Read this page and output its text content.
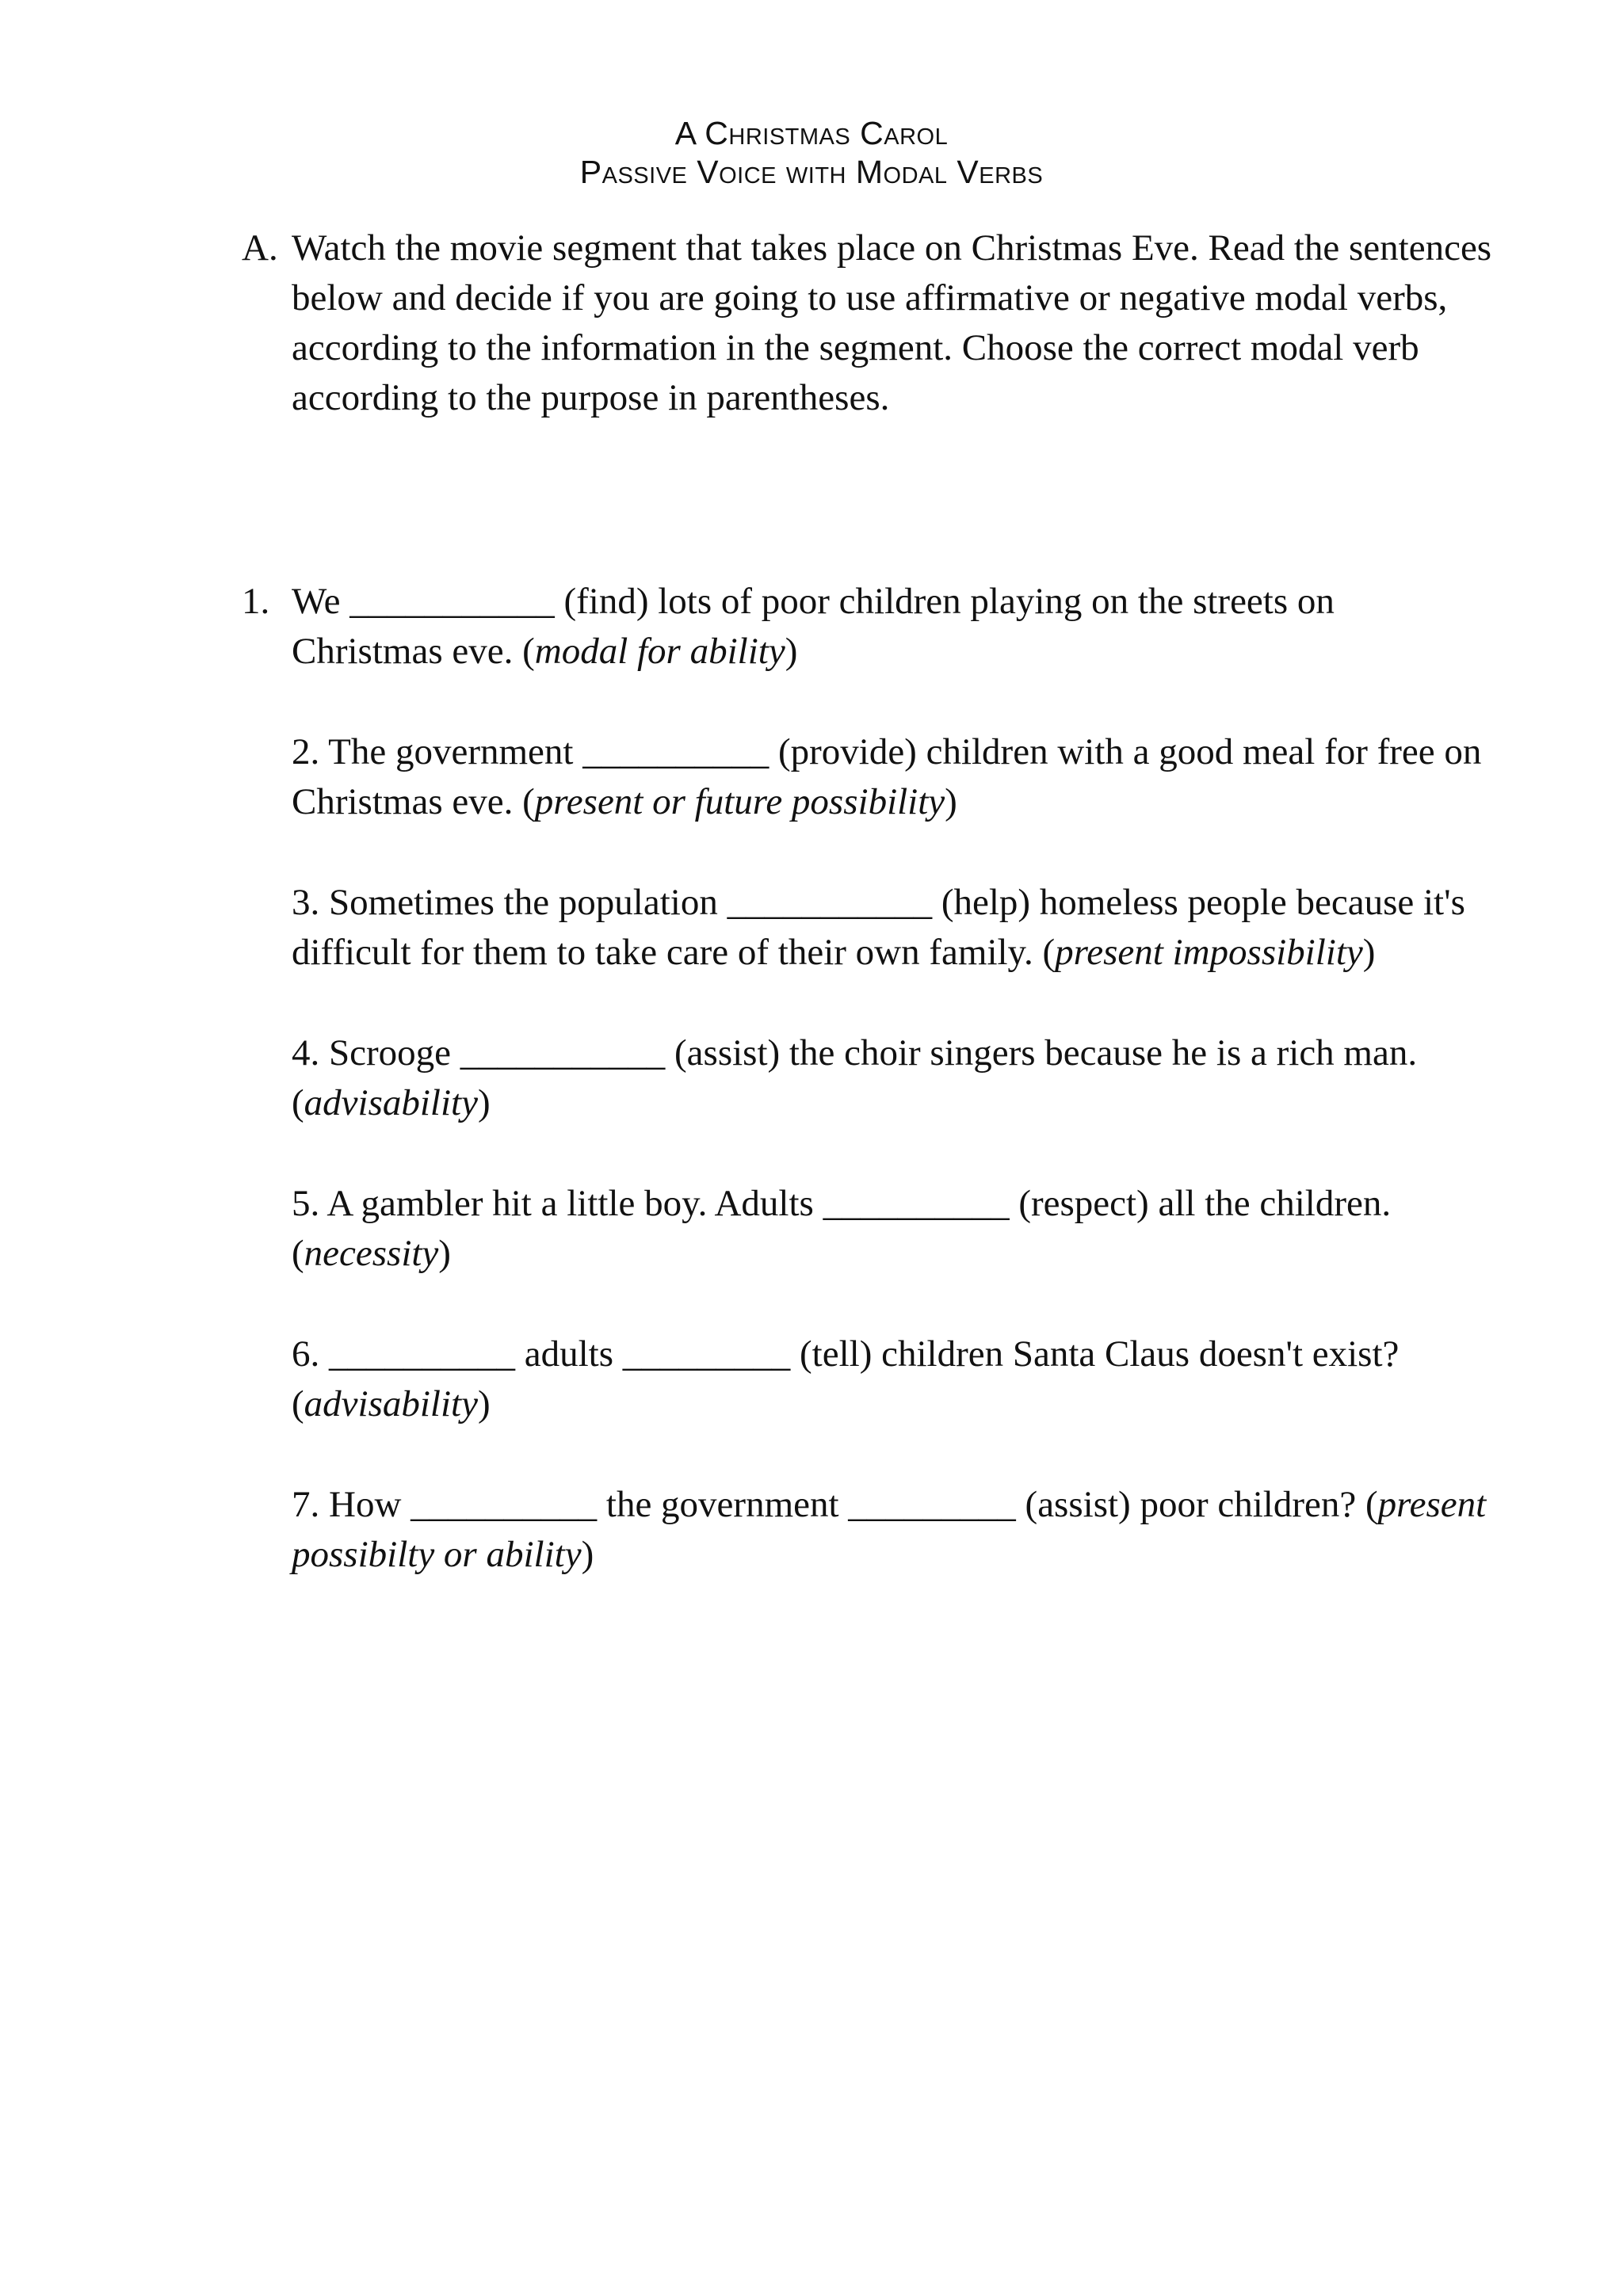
A Christmas Carol
Passive Voice with Modal Verbs
A. Watch the movie segment that takes place on Christmas Eve. Read the sentences below and decide if you are going to use affirmative or negative modal verbs, according to the information in the segment. Choose the correct modal verb according to the purpose in parentheses.
1. We ___________ (find) lots of poor children playing on the streets on Christmas eve. (modal for ability)
2. The government __________ (provide) children with a good meal for free on Christmas eve. (present or future possibility)
3. Sometimes the population ___________ (help) homeless people because it's difficult for them to take care of their own family. (present impossibility)
4. Scrooge ___________ (assist) the choir singers because he is a rich man. (advisability)
5. A gambler hit a little boy. Adults __________ (respect) all the children. (necessity)
6. __________ adults _________ (tell) children Santa Claus doesn't exist? (advisability)
7. How __________ the government _________ (assist) poor children? (present possibilty or ability)
